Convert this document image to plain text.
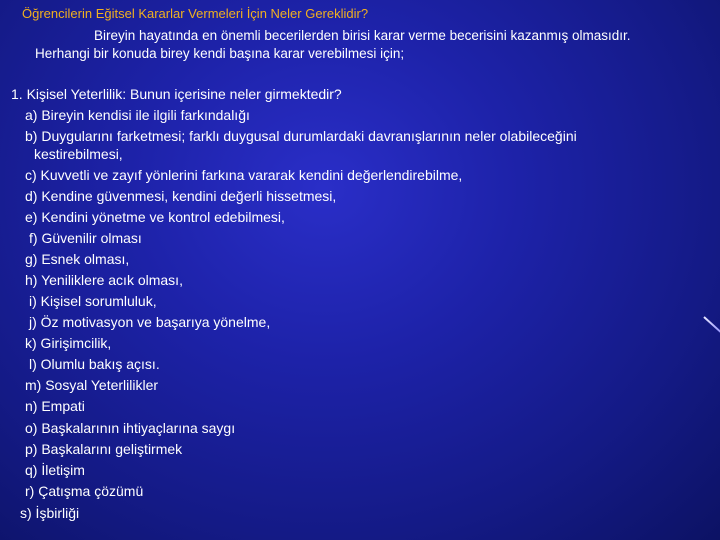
Öğrencilerin Eğitsel Kararlar Vermeleri İçin Neler Gereklidir?
Bireyin hayatında en önemli becerilerden birisi karar verme becerisini kazanmış olmasıdır.
Herhangi bir konuda birey kendi başına karar verebilmesi için;
1. Kişisel Yeterlilik: Bunun içerisine neler girmektedir?
a) Bireyin kendisi ile ilgili farkındalığı
b) Duygularını farketmesi; farklı duygusal durumlardaki davranışlarının neler olabileceğini
kestirebilmesi,
c) Kuvvetli ve zayıf yönlerini farkına vararak kendini değerlendirebilme,
d) Kendine güvenmesi, kendini değerli hissetmesi,
e) Kendini yönetme ve kontrol edebilmesi,
f) Güvenilir olması
g) Esnek olması,
h) Yeniliklere acık olması,
i) Kişisel sorumluluk,
j) Öz motivasyon ve başarıya yönelme,
k) Girişimcilik,
l) Olumlu bakış açısı.
m) Sosyal Yeterlilikler
n) Empati
o) Başkalarının ihtiyaçlarına saygı
p) Başkalarını geliştirmek
q) İletişim
r) Çatışma çözümü
s) İşbirliği
